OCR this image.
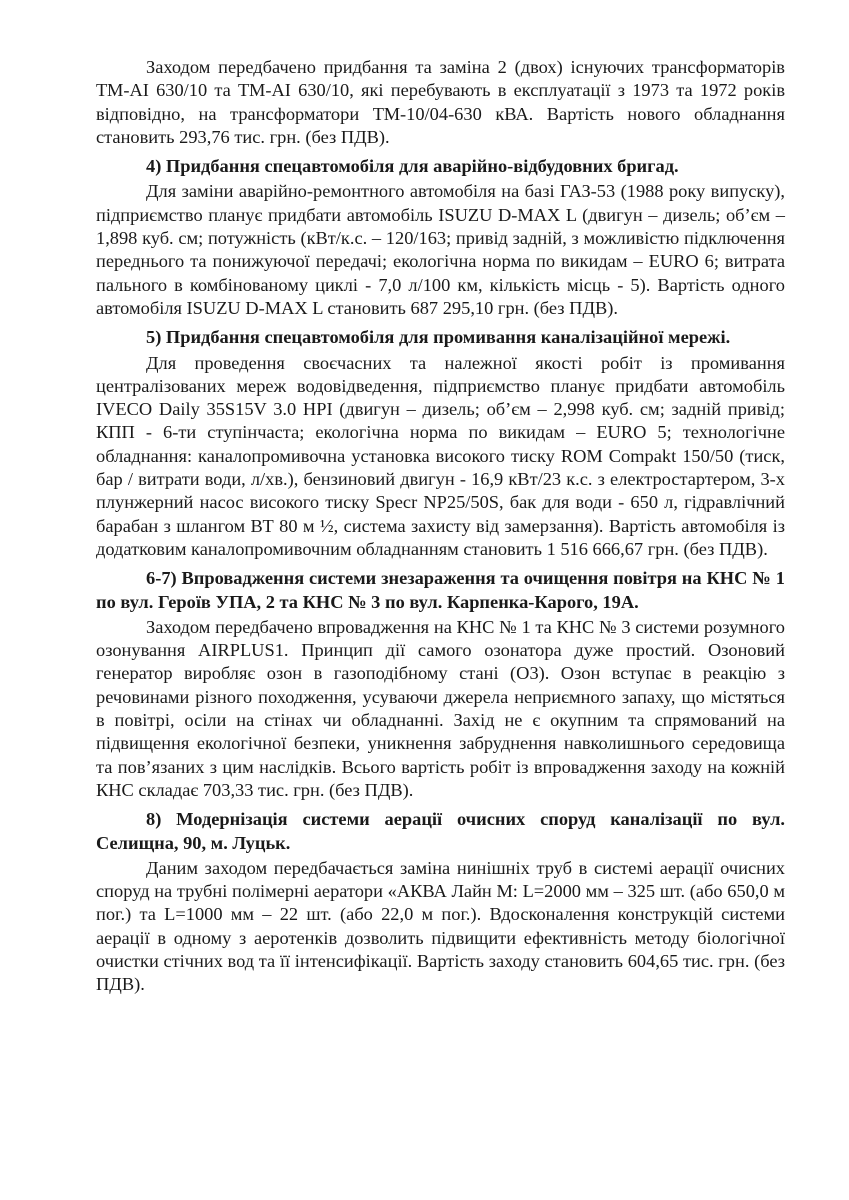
Заходом передбачено придбання та заміна 2 (двох) існуючих трансформаторів ТМ-АІ 630/10 та ТМ-АІ 630/10, які перебувають в експлуатації з 1973 та 1972 років відповідно, на трансформатори ТМ-10/04-630 кВА. Вартість нового обладнання становить 293,76 тис. грн. (без ПДВ).

4) Придбання спецавтомобіля для аварійно-відбудовних бригад.

Для заміни аварійно-ремонтного автомобіля на базі ГАЗ-53 (1988 року випуску), підприємство планує придбати автомобіль ISUZU D-MAX L (двигун – дизель; об’єм – 1,898 куб. см; потужність (кВт/к.с. – 120/163; привід задній, з можливістю підключення переднього та понижуючої передачі; екологічна норма по викидам – EURO 6; витрата пального в комбінованому циклі - 7,0 л/100 км, кількість місць - 5). Вартість одного автомобіля ISUZU D-MAX L становить 687 295,10 грн. (без ПДВ).

5) Придбання спецавтомобіля для промивання каналізаційної мережі.

Для проведення своєчасних та належної якості робіт із промивання централізованих мереж водовідведення, підприємство планує придбати автомобіль IVECO Daily 35S15V 3.0 HPI (двигун – дизель; об’єм – 2,998 куб. см; задній привід; КПП - 6-ти ступінчаста; екологічна норма по викидам – EURO 5; технологічне обладнання: каналопромивочна установка високого тиску ROM Compakt 150/50 (тиск, бар / витрати води, л/хв.), бензиновий двигун - 16,9 кВт/23 к.с. з електростартером, 3-х плунжерний насос високого тиску Specr NP25/50S, бак для води - 650 л, гідравлічний барабан з шлангом ВТ 80 м ½, система захисту від замерзання). Вартість автомобіля із додатковим каналопромивочним обладнанням становить 1 516 666,67 грн. (без ПДВ).

6-7) Впровадження системи знезараження та очищення повітря на КНС № 1 по вул. Героїв УПА, 2 та КНС № 3 по вул. Карпенка-Карого, 19А.

Заходом передбачено впровадження на КНС № 1 та КНС № 3 системи розумного озонування AIRPLUS1. Принцип дії самого озонатора дуже простий. Озоновий генератор виробляє озон в газоподібному стані (О3). Озон вступає в реакцію з речовинами різного походження, усуваючи джерела неприємного запаху, що містяться в повітрі, осіли на стінах чи обладнанні. Захід не є окупним та спрямований на підвищення екологічної безпеки, уникнення забруднення навколишнього середовища та пов’язаних з цим наслідків. Всього вартість робіт із впровадження заходу на кожній КНС складає 703,33 тис. грн. (без ПДВ).

8) Модернізація системи аерації очисних споруд каналізації по вул. Селищна, 90, м. Луцьк.

Даним заходом передбачається заміна нинішніх труб в системі аерації очисних споруд на трубні полімерні аератори «АКВА Лайн М: L=2000 мм – 325 шт. (або 650,0 м пог.) та L=1000 мм – 22 шт. (або 22,0 м пог.). Вдосконалення конструкцій системи аерації в одному з аеротенків дозволить підвищити ефективність методу біологічної очистки стічних вод та її інтенсифікації. Вартість заходу становить 604,65 тис. грн. (без ПДВ).
